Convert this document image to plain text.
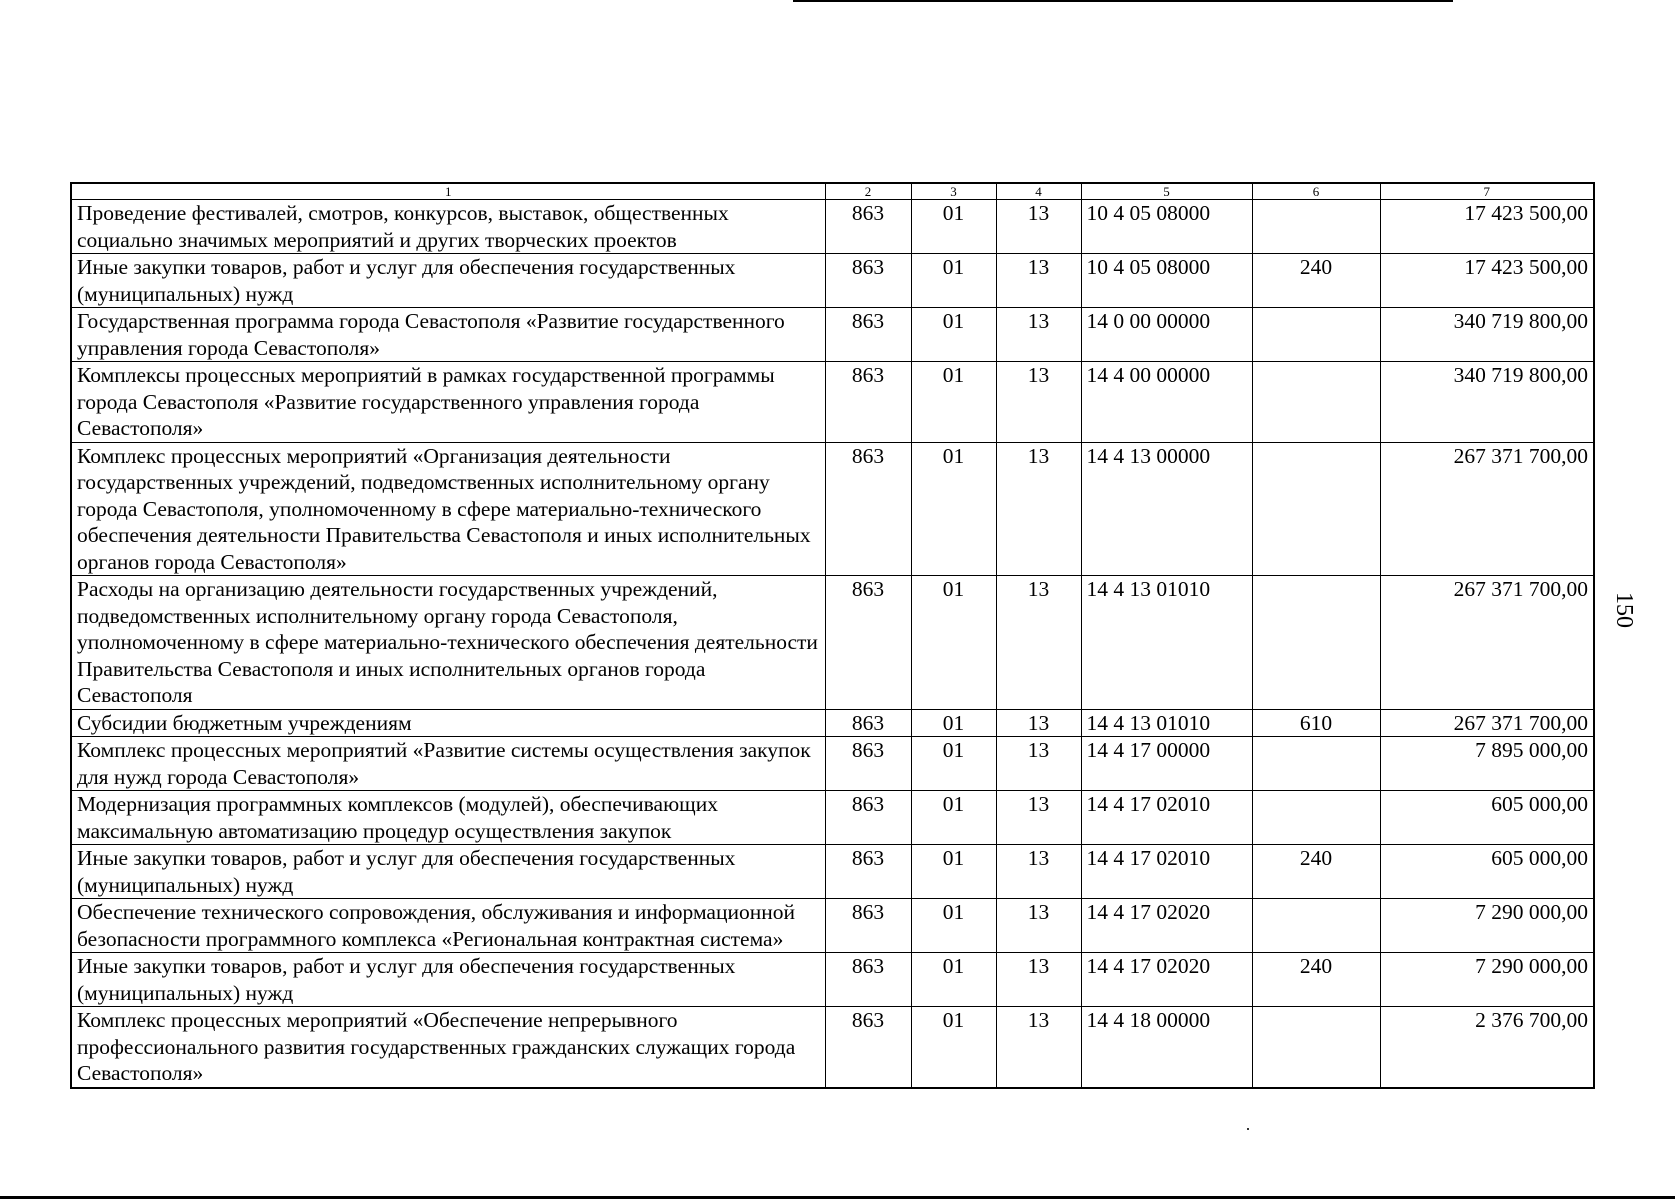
150
1	2	3	4	5	6	7
Проведение фестивалей, смотров, конкурсов, выставок, общественных социально значимых мероприятий и других творческих проектов	863	01	13	10 4 05 08000		17 423 500,00
Иные закупки товаров, работ и услуг для обеспечения государственных (муниципальных) нужд	863	01	13	10 4 05 08000	240	17 423 500,00
Государственная программа города Севастополя «Развитие государственного управления города Севастополя»	863	01	13	14 0 00 00000		340 719 800,00
Комплексы процесcных мероприятий в рамках государственной программы города Севастополя «Развитие государственного управления города Севастополя»	863	01	13	14 4 00 00000		340 719 800,00
Комплекс процессных мероприятий «Организация деятельности государственных учреждений, подведомственных исполнительному органу города Севастополя, уполномоченному в сфере материально-технического обеспечения деятельности Правительства Севастополя и иных исполнительных органов города Севастополя»	863	01	13	14 4 13 00000		267 371 700,00
Расходы на организацию деятельности государственных учреждений, подведомственных исполнительному органу города Севастополя, уполномоченному в сфере материально-технического обеспечения деятельности Правительства Севастополя и иных исполнительных органов города Севастополя	863	01	13	14 4 13 01010		267 371 700,00
Субсидии бюджетным учреждениям	863	01	13	14 4 13 01010	610	267 371 700,00
Комплекс процессных мероприятий «Развитие системы осуществления закупок для нужд города Севастополя»	863	01	13	14 4 17 00000		7 895 000,00
Модернизация программных комплексов (модулей), обеспечивающих максимальную автоматизацию процедур осуществления закупок	863	01	13	14 4 17 02010		605 000,00
Иные закупки товаров, работ и услуг для обеспечения государственных (муниципальных) нужд	863	01	13	14 4 17 02010	240	605 000,00
Обеспечение технического сопровождения, обслуживания и информационной безопасности программного комплекса «Региональная контрактная система»	863	01	13	14 4 17 02020		7 290 000,00
Иные закупки товаров, работ и услуг для обеспечения государственных (муниципальных) нужд	863	01	13	14 4 17 02020	240	7 290 000,00
Комплекс процессных мероприятий «Обеспечение непрерывного профессионального развития государственных гражданских служащих города Севастополя»	863	01	13	14 4 18 00000		2 376 700,00
